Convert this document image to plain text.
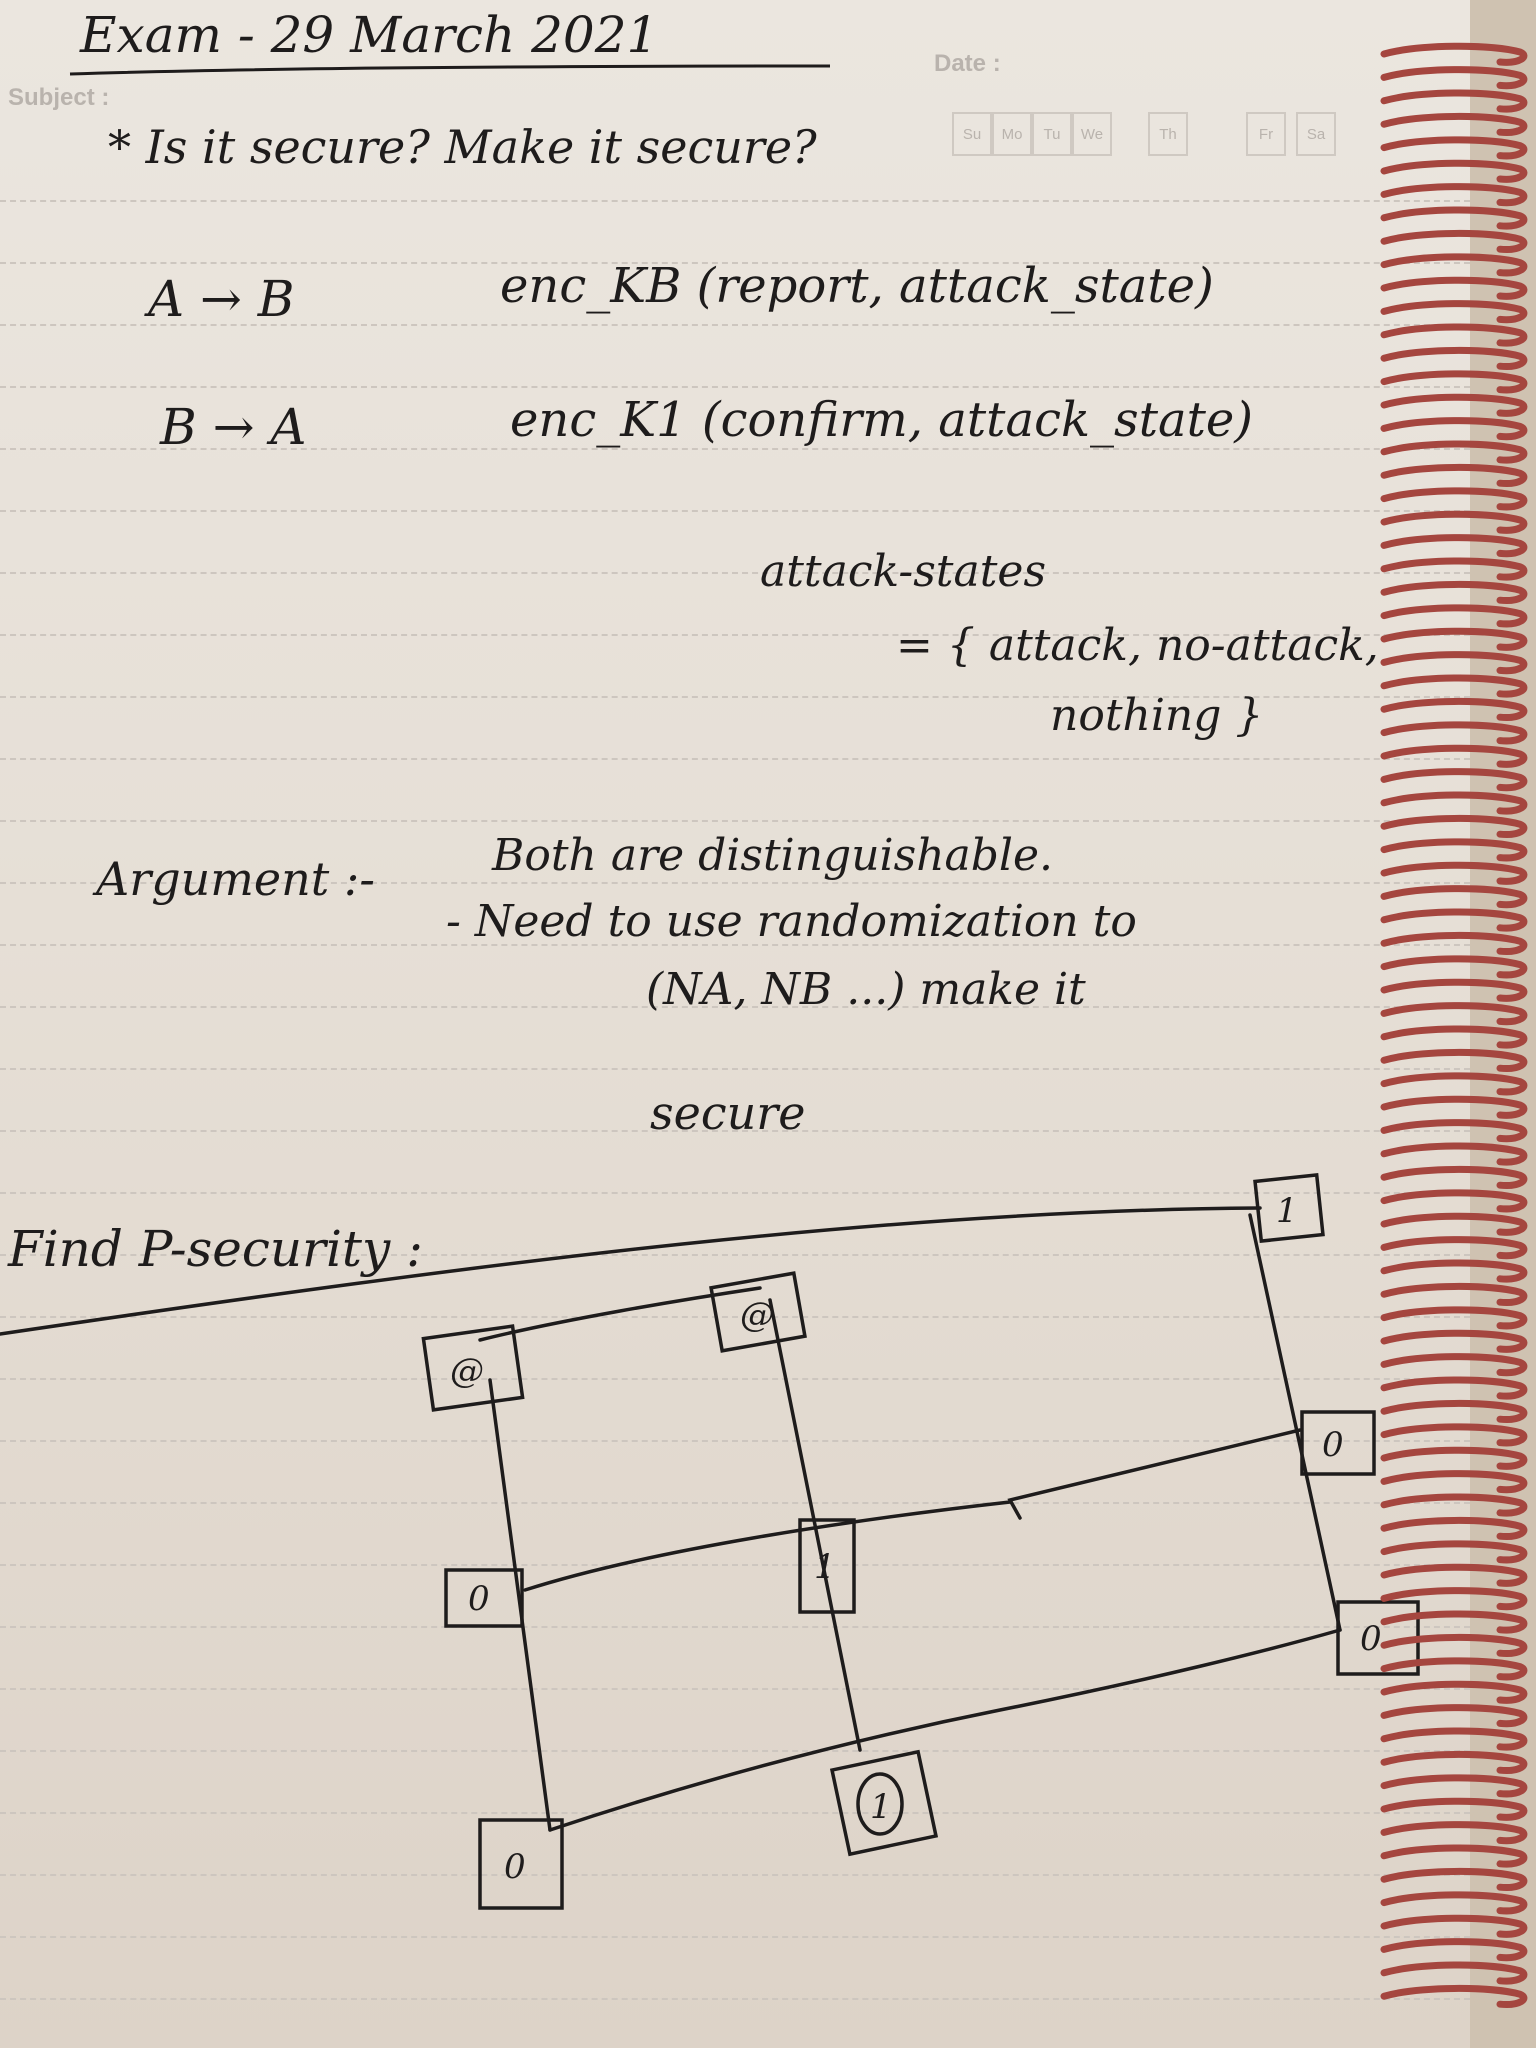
Date :
Subject :
Su	Mo	Tu	We	Th	Fr	Sa
Exam - 29 March 2021
* Is it secure? Make it secure?
A → B	enc_KB (report, attack_state)
B → A	enc_K1 (confirm, attack_state)
attack-states
= { attack, no-attack,
nothing }
Argument :-	Both are distinguishable.
- Need to use randomization to
(NA, NB ...) make it
secure
Find P-security :
@
@
1
0
1
0
0
0
1
